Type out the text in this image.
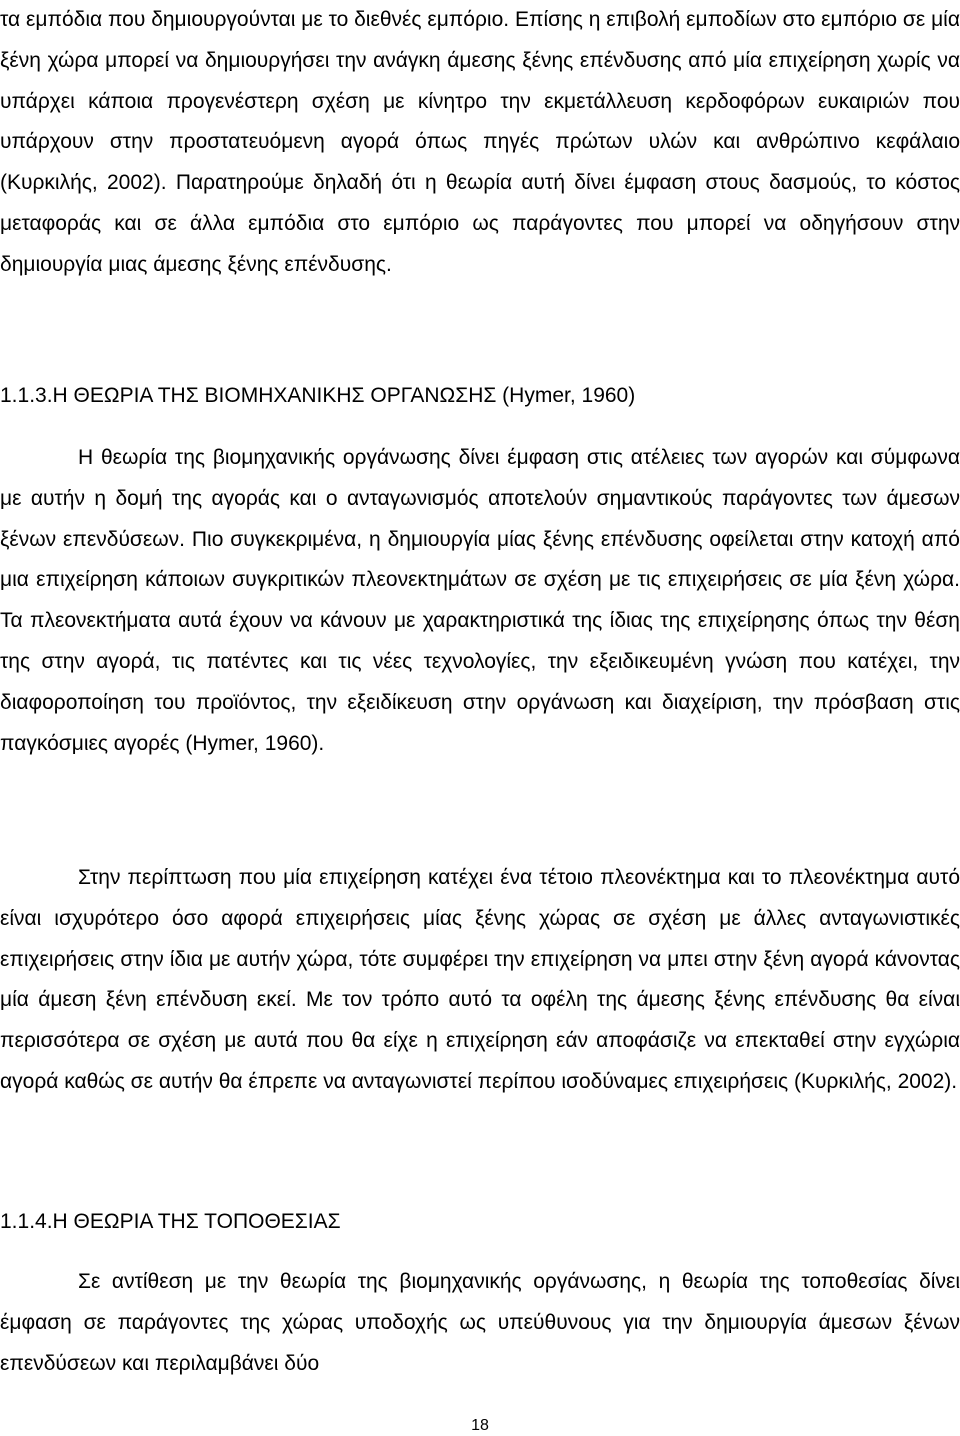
τα εμπόδια που δημιουργούνται με το διεθνές εμπόριο. Επίσης η επιβολή εμποδίων στο εμπόριο σε μία ξένη χώρα μπορεί να δημιουργήσει την ανάγκη άμεσης ξένης επένδυσης από μία επιχείρηση χωρίς να υπάρχει κάποια προγενέστερη σχέση με κίνητρο την εκμετάλλευση κερδοφόρων ευκαιριών που υπάρχουν στην προστατευόμενη αγορά όπως πηγές πρώτων υλών και ανθρώπινο κεφάλαιο (Κυρκιλής, 2002). Παρατηρούμε δηλαδή ότι η θεωρία αυτή δίνει έμφαση στους δασμούς, το κόστος μεταφοράς και σε άλλα εμπόδια στο εμπόριο ως παράγοντες που μπορεί να οδηγήσουν στην δημιουργία μιας άμεσης ξένης επένδυσης.

1.1.3.Η ΘΕΩΡΙΑ ΤΗΣ ΒΙΟΜΗΧΑΝΙΚΗΣ ΟΡΓΑΝΩΣΗΣ (Hymer, 1960)

Η θεωρία της βιομηχανικής οργάνωσης δίνει έμφαση στις ατέλειες των αγορών και σύμφωνα με αυτήν η δομή της αγοράς και ο ανταγωνισμός αποτελούν σημαντικούς παράγοντες των άμεσων ξένων επενδύσεων. Πιο συγκεκριμένα, η δημιουργία μίας ξένης επένδυσης οφείλεται στην κατοχή από μια επιχείρηση κάποιων συγκριτικών πλεονεκτημάτων σε σχέση με τις επιχειρήσεις σε μία ξένη χώρα. Τα πλεονεκτήματα αυτά έχουν να κάνουν με χαρακτηριστικά της ίδιας της επιχείρησης όπως την θέση της στην αγορά, τις πατέντες και τις νέες τεχνολογίες, την εξειδικευμένη γνώση που κατέχει, την διαφοροποίηση του προϊόντος, την εξειδίκευση στην οργάνωση και διαχείριση, την πρόσβαση στις παγκόσμιες αγορές (Hymer, 1960).

Στην περίπτωση που μία επιχείρηση κατέχει ένα τέτοιο πλεονέκτημα και το πλεονέκτημα αυτό είναι ισχυρότερο όσο αφορά επιχειρήσεις μίας ξένης χώρας σε σχέση με άλλες ανταγωνιστικές επιχειρήσεις στην ίδια με αυτήν χώρα, τότε συμφέρει την επιχείρηση να μπει στην ξένη αγορά κάνοντας μία άμεση ξένη επένδυση εκεί. Με τον τρόπο αυτό τα οφέλη της άμεσης ξένης επένδυσης θα είναι περισσότερα σε σχέση με αυτά που θα είχε η επιχείρηση εάν αποφάσιζε να επεκταθεί στην εγχώρια αγορά καθώς σε αυτήν θα έπρεπε να ανταγωνιστεί περίπου ισοδύναμες επιχειρήσεις (Κυρκιλής, 2002).

1.1.4.Η ΘΕΩΡΙΑ ΤΗΣ ΤΟΠΟΘΕΣΙΑΣ

Σε αντίθεση με την θεωρία της βιομηχανικής οργάνωσης, η θεωρία της τοποθεσίας δίνει έμφαση σε παράγοντες της χώρας υποδοχής ως υπεύθυνους για την δημιουργία άμεσων ξένων επενδύσεων και περιλαμβάνει δύο

18
